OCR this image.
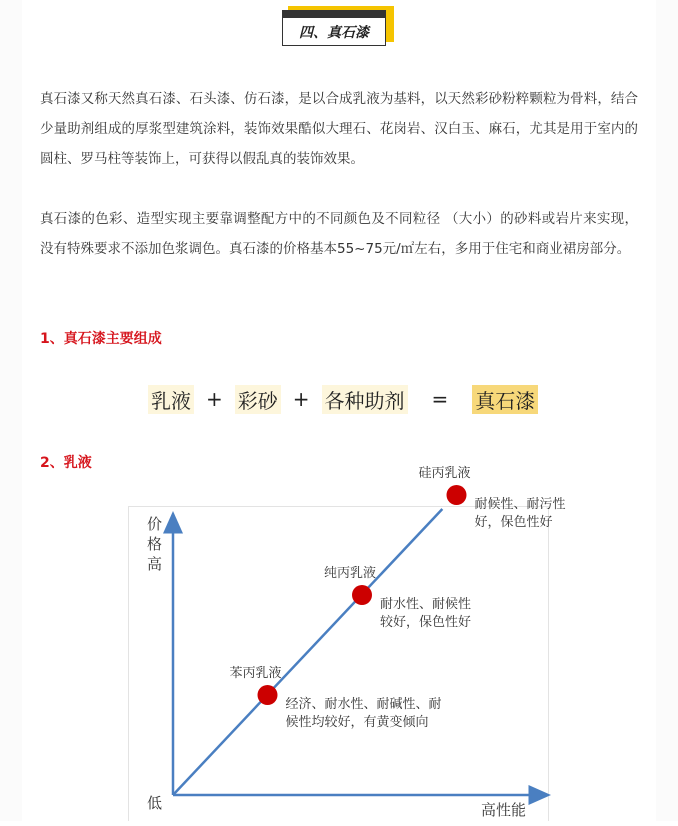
四、真石漆
真石漆又称天然真石漆、石头漆、仿石漆，是以合成乳液为基料，以天然彩砂粉粹颗粒为骨料，结合少量助剂组成的厚浆型建筑涂料，装饰效果酷似大理石、花岗岩、汉白玉、麻石，尤其是用于室内的圆柱、罗马柱等装饰上，可获得以假乱真的装饰效果。
真石漆的色彩、造型实现主要靠调整配方中的不同颜色及不同粒径 （大小）的砂料或岩片来实现，没有特殊要求不添加色浆调色。真石漆的价格基本55~75元/㎡左右，多用于住宅和商业裙房部分。
1、真石漆主要组成
乳液 + 彩砂 + 各种助剂	=	真石漆
2、乳液
价 格 高
低	高性能
苯丙乳液
经济、耐水性、耐碱性、耐
候性均较好，有黄变倾向
纯丙乳液
耐水性、耐候性
较好，保色性好
硅丙乳液
耐候性、耐污性
好，保色性好
